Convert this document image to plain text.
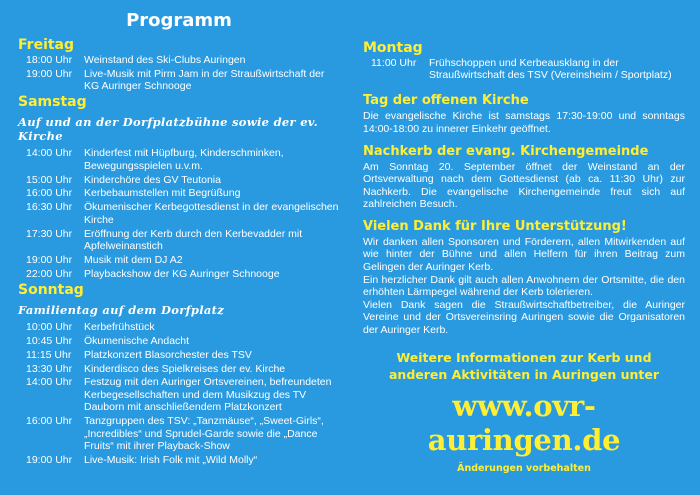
Programm
Freitag
18:00 Uhr	Weinstand des Ski-Clubs Auringen
19:00 Uhr	Live-Musik mit Pirm Jam in der Straußwirtschaft der KG Auringer Schnooge
Samstag
Auf und an der Dorfplatzbühne sowie der ev. Kirche
14:00 Uhr	Kinderfest mit Hüpfburg, Kinderschminken, Bewegungsspielen u.v.m.
15:00 Uhr	Kinderchöre des GV Teutonia
16:00 Uhr	Kerbebaumstellen mit Begrüßung
16:30 Uhr	Ökumenischer Kerbegottesdienst in der evangelischen Kirche
17:30 Uhr	Eröffnung der Kerb durch den Kerbevadder mit Apfelweinanstich
19:00 Uhr	Musik mit dem DJ A2
22:00 Uhr	Playbackshow der KG Auringer Schnooge
Sonntag
Familientag auf dem Dorfplatz
10:00 Uhr	Kerbefrühstück
10:45 Uhr	Ökumenische Andacht
11:15 Uhr	Platzkonzert Blasorchester des TSV
13:30 Uhr	Kinderdisco des Spielkreises der ev. Kirche
14:00 Uhr	Festzug mit den Auringer Ortsvereinen, befreundeten Kerbegesellschaften und dem Musikzug des TV Dauborn mit anschließendem Platzkonzert
16:00 Uhr	Tanzgruppen des TSV: „Tanzmäuse“, „Sweet-Girls“, „Incredibles“ und Sprudel-Garde sowie die „Dance Fruits“ mit ihrer Playback-Show
19:00 Uhr	Live-Musik: Irish Folk mit „Wild Molly“
Montag
11:00 Uhr	Frühschoppen und Kerbeausklang in der Straußwirtschaft des TSV (Vereinsheim / Sportplatz)
Tag der offenen Kirche

Die evangelische Kirche ist samstags 17:30-19:00 und sonntags 14:00-18:00 zu innerer Einkehr geöffnet.

Nachkerb der evang. Kirchengemeinde

Am Sonntag 20. September öffnet der Weinstand an der Ortsverwaltung nach dem Gottesdienst (ab ca. 11:30 Uhr) zur Nachkerb. Die evangelische Kirchengemeinde freut sich auf zahlreichen Besuch.

Vielen Dank für Ihre Unterstützung!

Wir danken allen Sponsoren und Förderern, allen Mitwirkenden auf wie hinter der Bühne und allen Helfern für ihren Beitrag zum Gelingen der Auringer Kerb.

Ein herzlicher Dank gilt auch allen Anwohnern der Ortsmitte, die den erhöhten Lärmpegel während der Kerb tolerieren.

Vielen Dank sagen die Straußwirtschaftbetreiber, die Auringer Vereine und der Ortsvereinsring Auringen sowie die Organisatoren der Auringer Kerb.

Weitere Informationen zur Kerb und

anderen Aktivitäten in Auringen unter

www.ovr-auringen.de

Änderungen vorbehalten
